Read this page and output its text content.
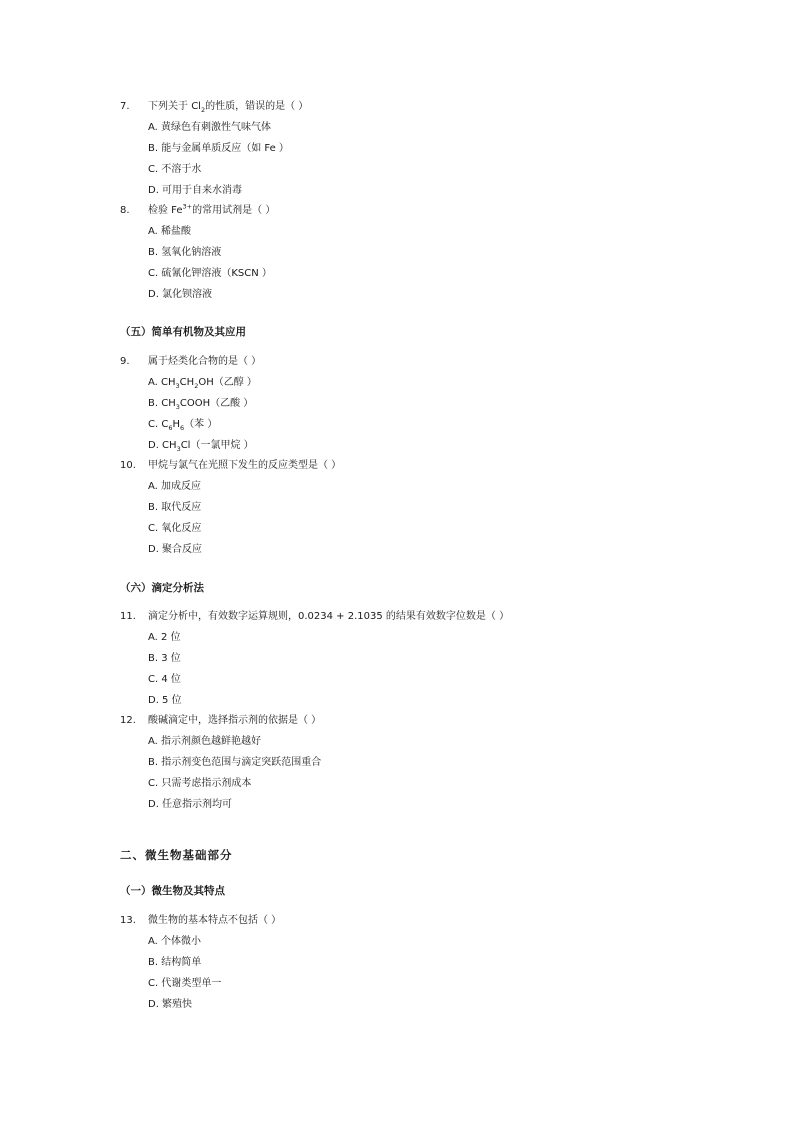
7. 下列关于 $Cl_2$的性质，错误的是（ ）
A. 黄绿色有刺激性气味气体
B. 能与金属单质反应（如 Fe ）
C. 不溶于水
D. 可用于自来水消毒
8. 检验 $Fe^{3+}$的常用试剂是（ ）
A. 稀盐酸
B. 氢氧化钠溶液
C. 硫氰化钾溶液（KSCN ）
D. 氯化钡溶液
（五）简单有机物及其应用
9. 属于烃类化合物的是（ ）
A. $CH_3CH_2OH$（乙醇 ）
B. $CH_3COOH$（乙酸 ）
C. $C_6H_6$（苯 ）
D. $CH_3Cl$（一氯甲烷 ）
10. 甲烷与氯气在光照下发生的反应类型是（ ）
A. 加成反应
B. 取代反应
C. 氧化反应
D. 聚合反应
（六）滴定分析法
11. 滴定分析中，有效数字运算规则，0.0234 + 2.1035 的结果有效数字位数是（ ）
A. 2 位
B. 3 位
C. 4 位
D. 5 位
12. 酸碱滴定中，选择指示剂的依据是（ ）
A. 指示剂颜色越鲜艳越好
B. 指示剂变色范围与滴定突跃范围重合
C. 只需考虑指示剂成本
D. 任意指示剂均可
二、微生物基础部分
（一）微生物及其特点
13. 微生物的基本特点不包括（ ）
A. 个体微小
B. 结构简单
C. 代谢类型单一
D. 繁殖快
